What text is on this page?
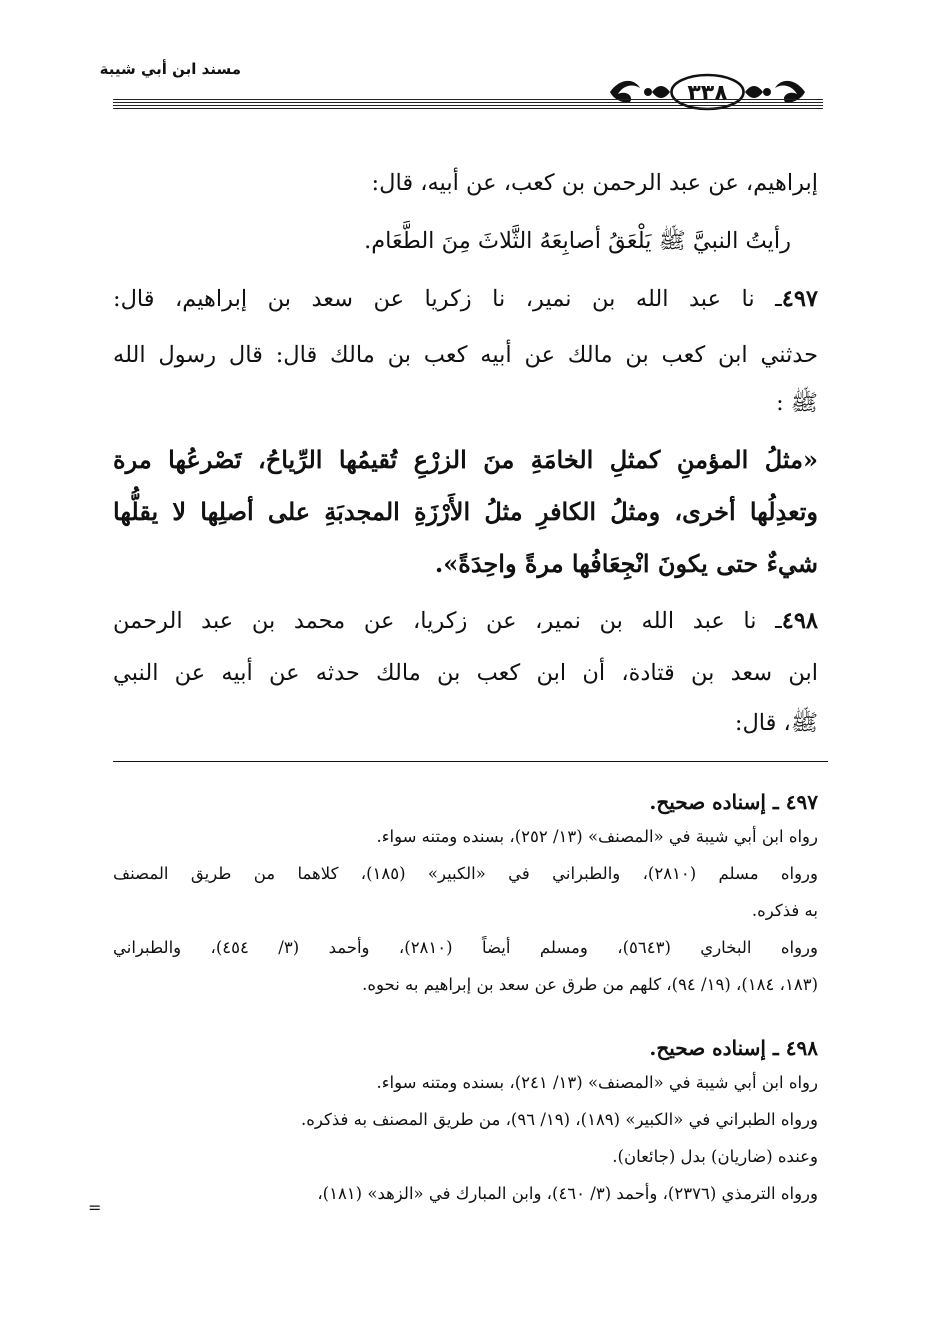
مسند ابن أبي شيبة
٣٣٨
إبراهيم، عن عبد الرحمن بن كعب، عن أبيه، قال:
رأيتُ النبيَّ ﷺ يَلْعَقُ أصابِعَهُ الثَّلاثَ مِنَ الطَّعَام.
٤٩٧ـ نا عبد الله بن نمير، نا زكريا عن سعد بن إبراهيم، قال:
حدثني ابن كعب بن مالك عن أبيه كعب بن مالك قال: قال رسول الله
ﷺ :
«مثلُ المؤمنِ كمثلِ الخامَةِ منَ الزرْعِ تُقيمُها الرِّياحُ، تَصْرعُها مرة
وتعدِلُها أخرى، ومثلُ الكافرِ مثلُ الأَرْزَةِ المجدبَةِ على أصلِها لا يقلُّها
شيءٌ حتى يكونَ انْجِعَافُها مرةً واحِدَةً».
٤٩٨ـ نا عبد الله بن نمير، عن زكريا، عن محمد بن عبد الرحمن
ابن سعد بن قتادة، أن ابن كعب بن مالك حدثه عن أبيه عن النبي
ﷺ، قال:
٤٩٧ ـ إسناده صحيح.
رواه ابن أبي شيبة في «المصنف» (١٣/ ٢٥٢)، بسنده ومتنه سواء.
ورواه مسلم (٢٨١٠)، والطبراني في «الكبير» (١٨٥)، كلاهما من طريق المصنف
به فذكره.
ورواه البخاري (٥٦٤٣)، ومسلم أيضاً (٢٨١٠)، وأحمد (٣/ ٤٥٤)، والطبراني
(١٨٣، ١٨٤)، (١٩/ ٩٤)، كلهم من طرق عن سعد بن إبراهيم به نحوه.
٤٩٨ ـ إسناده صحيح.
رواه ابن أبي شيبة في «المصنف» (١٣/ ٢٤١)، بسنده ومتنه سواء.
ورواه الطبراني في «الكبير» (١٨٩)، (١٩/ ٩٦)، من طريق المصنف به فذكره.
وعنده (ضاريان) بدل (جائعان).
ورواه الترمذي (٢٣٧٦)، وأحمد (٣/ ٤٦٠)، وابن المبارك في «الزهد» (١٨١)،
=
